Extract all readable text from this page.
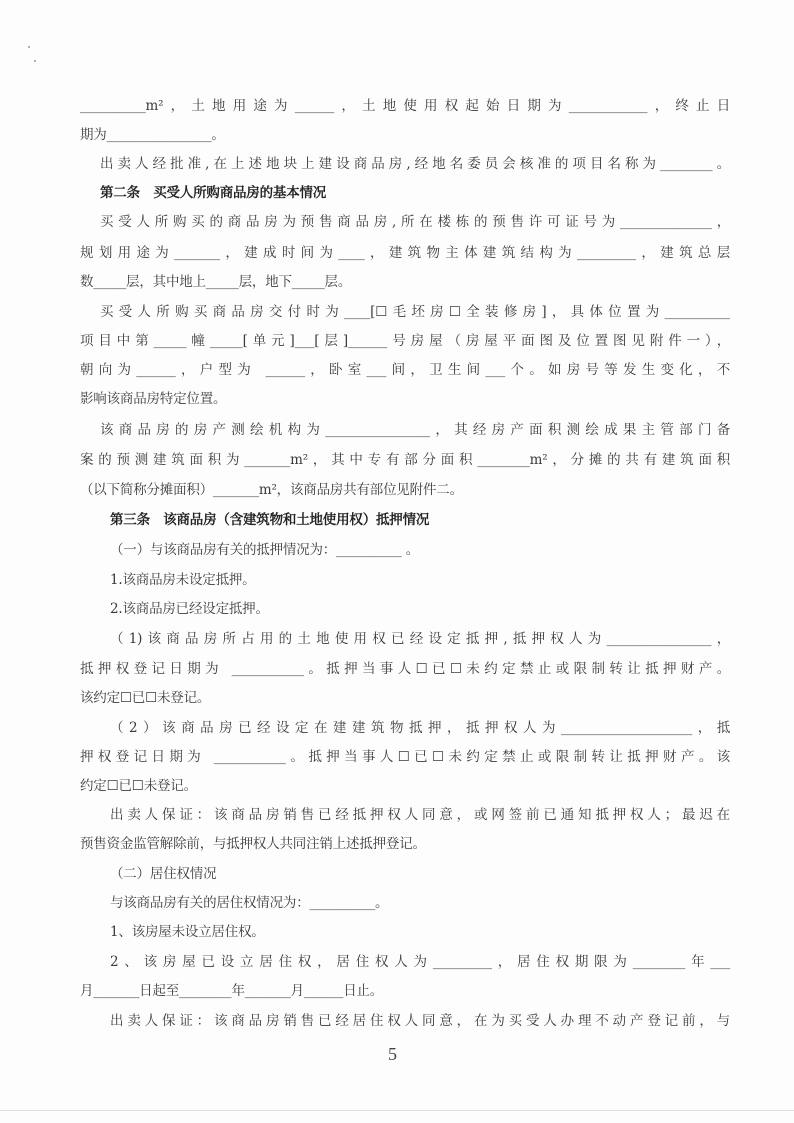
__________m²，土地用途为______，土地使用权起始日期为____________，终止日
期为________________。
出卖人经批准,在上述地块上建设商品房,经地名委员会核准的项目名称为________。
第二条　买受人所购商品房的基本情况
买受人所购买的商品房为预售商品房,所在楼栋的预售许可证号为______________，
规划用途为_______，建成时间为____，建筑物主体建筑结构为_________，建筑总层
数_____层，其中地上_____层，地下_____层。
买受人所购买商品房交付时为____[☐毛坯房☐全装修房]，具体位置为__________
项目中第_____幢_____[单元]___[层]______号房屋（房屋平面图及位置图见附件一），
朝向为______，户型为 ______，卧室___间，卫生间___个。如房号等发生变化，不
影响该商品房特定位置。
该商品房的房产测绘机构为________________，其经房产面积测绘成果主管部门备
案的预测建筑面积为_______m²，其中专有部分面积________m²，分摊的共有建筑面积
（以下简称分摊面积）_______m²，该商品房共有部位见附件二。
第三条　该商品房（含建筑物和土地使用权）抵押情况
（一）与该商品房有关的抵押情况为：__________ 。
1.该商品房未设定抵押。
2.该商品房已经设定抵押。
（1)该商品房所占用的土地使用权已经设定抵押,抵押权人为________________，
抵押权登记日期为 ___________。抵押当事人☐已☐未约定禁止或限制转让抵押财产。
该约定☐已☐未登记。
（2）该商品房已经设定在建建筑物抵押，抵押权人为____________________，抵
押权登记日期为 ___________。抵押当事人☐已☐未约定禁止或限制转让抵押财产。该
约定☐已☐未登记。
出卖人保证：该商品房销售已经抵押权人同意，或网签前已通知抵押权人；最迟在
预售资金监管解除前，与抵押权人共同注销上述抵押登记。
（二）居住权情况
与该商品房有关的居住权情况为：__________。
1、该房屋未设立居住权。
2、该房屋已设立居住权，居住权人为_________，居住权期限为________年___
月_______日起至________年_______月______日止。
出卖人保证：该商品房销售已经居住权人同意，在为买受人办理不动产登记前，与
5
